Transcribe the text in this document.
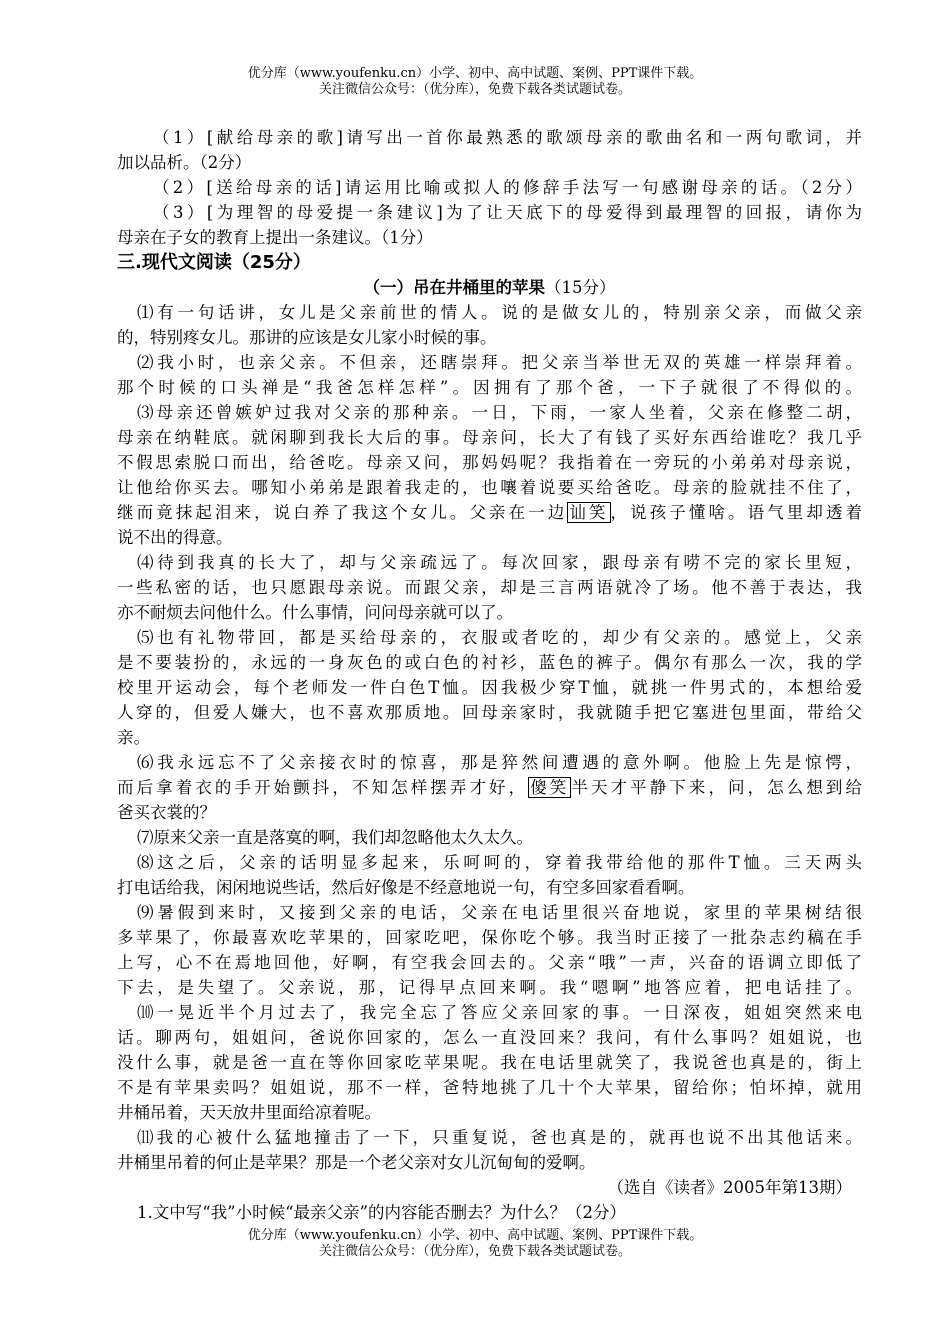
优分库（www.youfenku.cn）小学、初中、高中试题、案例、PPT课件下载。
关注微信公众号：（优分库），免费下载各类试题试卷。
（1）[献给母亲的歌]请写出一首你最熟悉的歌颂母亲的歌曲名和一两句歌词，并
加以品析。（2分）
（2）[送给母亲的话]请运用比喻或拟人的修辞手法写一句感谢母亲的话。（2分）
（3）[为理智的母爱提一条建议]为了让天底下的母爱得到最理智的回报，请你为
母亲在子女的教育上提出一条建议。（1分）
三.现代文阅读（25分）
（一）吊在井桶里的苹果（15分）
⑴有一句话讲，女儿是父亲前世的情人。说的是做女儿的，特别亲父亲，而做父亲
的，特别疼女儿。那讲的应该是女儿家小时候的事。
⑵我小时，也亲父亲。不但亲，还瞎崇拜。把父亲当举世无双的英雄一样崇拜着。
那个时候的口头禅是“我爸怎样怎样”。因拥有了那个爸，一下子就很了不得似的。
⑶母亲还曾嫉妒过我对父亲的那种亲。一日，下雨，一家人坐着，父亲在修整二胡，
母亲在纳鞋底。就闲聊到我长大后的事。母亲问，长大了有钱了买好东西给谁吃？我几乎
不假思索脱口而出，给爸吃。母亲又问，那妈妈呢？我指着在一旁玩的小弟弟对母亲说，
让他给你买去。哪知小弟弟是跟着我走的，也嚷着说要买给爸吃。母亲的脸就挂不住了，
继而竟抹起泪来，说白养了我这个女儿。父亲在一边 讪笑 ，说孩子懂啥。语气里却透着
说不出的得意。
⑷待到我真的长大了，却与父亲疏远了。每次回家，跟母亲有唠不完的家长里短，
一些私密的话，也只愿跟母亲说。而跟父亲，却是三言两语就冷了场。他不善于表达，我
亦不耐烦去问他什么。什么事情，问问母亲就可以了。
⑸也有礼物带回，都是买给母亲的，衣服或者吃的，却少有父亲的。感觉上，父亲
是不要装扮的，永远的一身灰色的或白色的衬衫，蓝色的裤子。偶尔有那么一次，我的学
校里开运动会，每个老师发一件白色T恤。因我极少穿T恤，就挑一件男式的，本想给爱
人穿的，但爱人嫌大，也不喜欢那质地。回母亲家时，我就随手把它塞进包里面，带给父
亲。
⑹我永远忘不了父亲接衣时的惊喜，那是猝然间遭遇的意外啊。他脸上先是惊愕，
而后拿着衣的手开始颤抖，不知怎样摆弄才好， 傻笑 半天才平静下来，问，怎么想到给
爸买衣裳的？
⑺原来父亲一直是落寞的啊，我们却忽略他太久太久。
⑻这之后，父亲的话明显多起来，乐呵呵的，穿着我带给他的那件T恤。三天两头
打电话给我，闲闲地说些话，然后好像是不经意地说一句，有空多回家看看啊。
⑼暑假到来时，又接到父亲的电话，父亲在电话里很兴奋地说，家里的苹果树结很
多苹果了，你最喜欢吃苹果的，回家吃吧，保你吃个够。我当时正接了一批杂志约稿在手
上写，心不在焉地回他，好啊，有空我会回去的。父亲“哦”一声，兴奋的语调立即低了
下去，是失望了。父亲说，那，记得早点回来啊。我“嗯啊”地答应着，把电话挂了。
⑽一晃近半个月过去了，我完全忘了答应父亲回家的事。一日深夜，姐姐突然来电
话。聊两句，姐姐问，爸说你回家的，怎么一直没回来？我问，有什么事吗？姐姐说，也
没什么事，就是爸一直在等你回家吃苹果呢。我在电话里就笑了，我说爸也真是的，街上
不是有苹果卖吗？姐姐说，那不一样，爸特地挑了几十个大苹果，留给你；怕坏掉，就用
井桶吊着，天天放井里面给凉着呢。
⑾我的心被什么猛地撞击了一下，只重复说，爸也真是的，就再也说不出其他话来。
井桶里吊着的何止是苹果？那是一个老父亲对女儿沉甸甸的爱啊。
（选自《读者》2005年第13期）
1.文中写“我”小时候“最亲父亲”的内容能否删去？为什么？（2分）
优分库（www.youfenku.cn）小学、初中、高中试题、案例、PPT课件下载。
关注微信公众号：（优分库），免费下载各类试题试卷。
